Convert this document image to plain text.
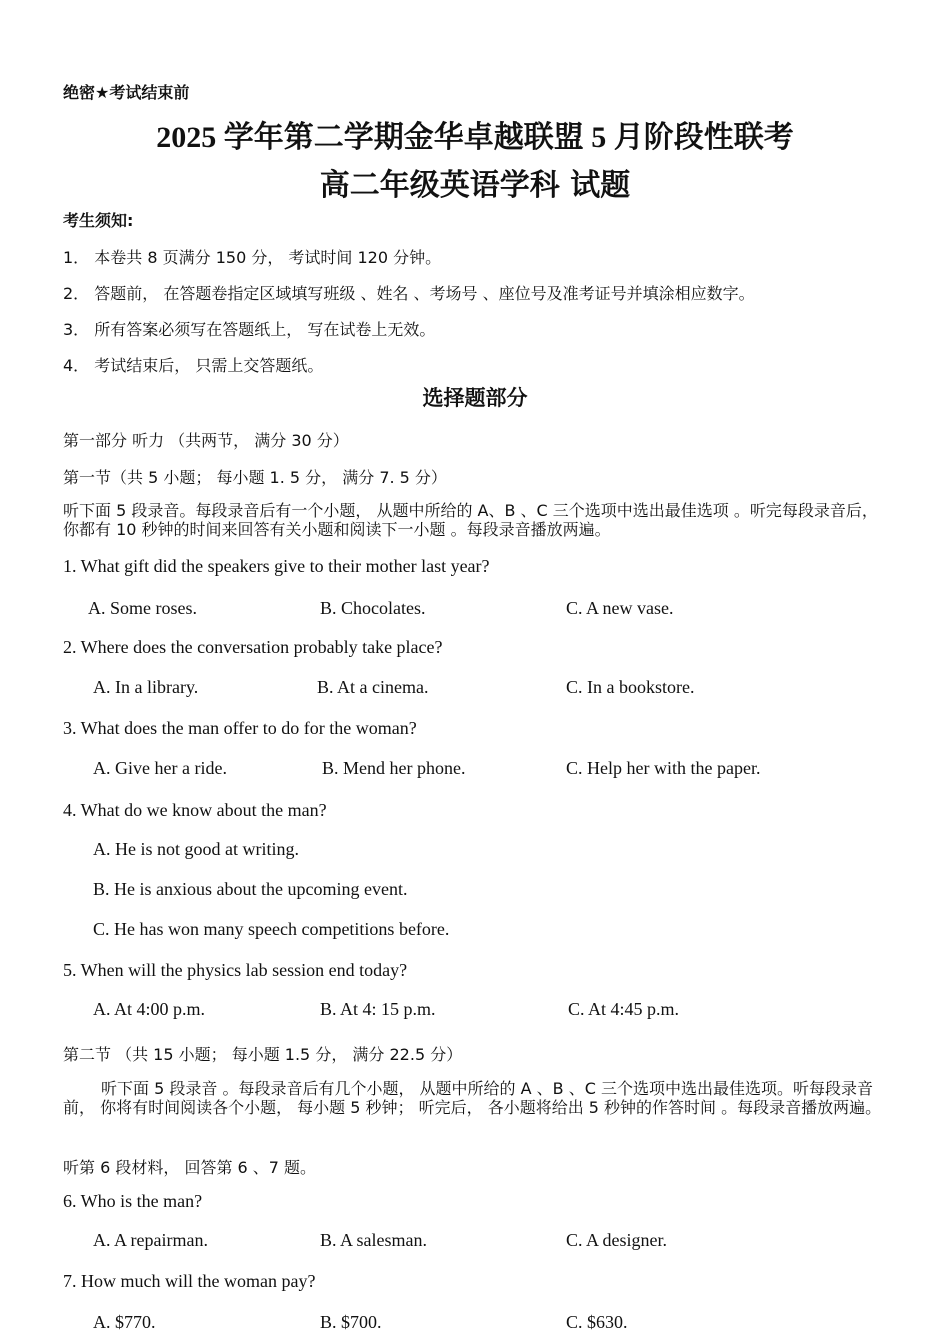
绝密★考试结束前
2025 学年第二学期金华卓越联盟 5 月阶段性联考
高二年级英语学科 试题
考生须知:
1． 本卷共 8 页满分 150 分， 考试时间 120 分钟。
2． 答题前， 在答题卷指定区域填写班级 、姓名 、考场号 、座位号及准考证号并填涂相应数字。
3． 所有答案必须写在答题纸上， 写在试卷上无效。
4． 考试结束后， 只需上交答题纸。
选择题部分
第一部分 听力 （共两节， 满分 30 分）
第一节（共 5 小题； 每小题 1. 5 分， 满分 7. 5 分）
听下面 5 段录音。每段录音后有一个小题， 从题中所给的 A、B 、C 三个选项中选出最佳选项 。听完每段录音后， 你都有 10 秒钟的时间来回答有关小题和阅读下一小题 。每段录音播放两遍。
1. What gift did the speakers give to their mother last year?
A. Some roses.	B. Chocolates.	C. A new vase.
2. Where does the conversation probably take place?
A. In a library.	B. At a cinema.	C. In a bookstore.
3. What does the man offer to do for the woman?
A. Give her a ride.	B. Mend her phone.	C. Help her with the paper.
4. What do we know about the man?
A. He is not good at writing.
B. He is anxious about the upcoming event.
C. He has won many speech competitions before.
5. When will the physics lab session end today?
A. At 4:00 p.m.	B. At 4: 15 p.m.	C. At 4:45 p.m.
第二节 （共 15 小题； 每小题 1.5 分， 满分 22.5 分）
听下面 5 段录音 。每段录音后有几个小题， 从题中所给的 A 、B 、C 三个选项中选出最佳选项。听每段录音前， 你将有时间阅读各个小题， 每小题 5 秒钟； 听完后， 各小题将给出 5 秒钟的作答时间 。每段录音播放两遍。
听第 6 段材料， 回答第 6 、7 题。
6. Who is the man?
A. A repairman.	B. A salesman.	C. A designer.
7. How much will the woman pay?
A. $770.	B. $700.	C. $630.
